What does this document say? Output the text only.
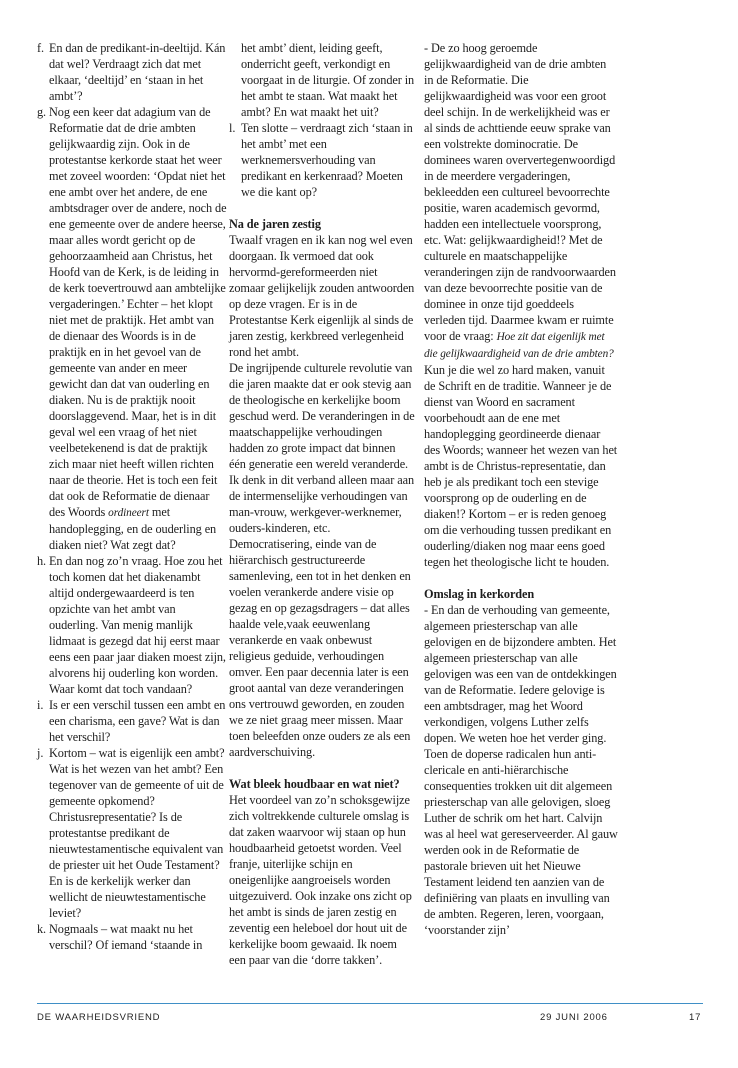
f. En dan de predikant-in-deeltijd. Kán dat wel? Verdraagt zich dat met elkaar, ‘deeltijd’ en ‘staan in het ambt’?
g. Nog een keer dat adagium van de Reformatie dat de drie ambten gelijkwaardig zijn. Ook in de protestantse kerkorde staat het weer met zoveel woorden: ‘Opdat niet het ene ambt over het andere, de ene ambtsdrager over de andere, noch de ene gemeente over de andere heerse, maar alles wordt gericht op de gehoorzaamheid aan Christus, het Hoofd van de Kerk, is de leiding in de kerk toevertrouwd aan ambtelijke vergaderingen.’ Echter – het klopt niet met de praktijk. Het ambt van de dienaar des Woords is in de praktijk en in het gevoel van de gemeente van ander en meer gewicht dan dat van ouderling en diaken. Nu is de praktijk nooit doorslaggevend. Maar, het is in dit geval wel een vraag of het niet veelbetekenend is dat de praktijk zich maar niet heeft willen richten naar de theorie. Het is toch een feit dat ook de Reformatie de dienaar des Woords ordineert met handoplegging, en de ouderling en diaken niet? Wat zegt dat?
h. En dan nog zo’n vraag. Hoe zou het toch komen dat het diakenambt altijd ondergewaardeerd is ten opzichte van het ambt van ouderling. Van menig manlijk lidmaat is gezegd dat hij eerst maar eens een paar jaar diaken moest zijn, alvorens hij ouderling kon worden. Waar komt dat toch vandaan?
i. Is er een verschil tussen een ambt en een charisma, een gave? Wat is dan het verschil?
j. Kortom – wat is eigenlijk een ambt? Wat is het wezen van het ambt? Een tegenover van de gemeente of uit de gemeente opkomend? Christusrepresentatie? Is de protestantse predikant de nieuwtestamentische equivalent van de priester uit het Oude Testament? En is de kerkelijk werker dan wellicht de nieuwtestamentische leviet?
k. Nogmaals – wat maakt nu het verschil? Of iemand ‘staande in
het ambt’ dient, leiding geeft, onderricht geeft, verkondigt en voorgaat in de liturgie. Of zonder in het ambt te staan. Wat maakt het ambt? En wat maakt het uit?
l. Ten slotte – verdraagt zich ‘staan in het ambt’ met een werknemersverhouding van predikant en kerkenraad? Moeten we die kant op?

Na de jaren zestig

Twaalf vragen en ik kan nog wel even doorgaan. Ik vermoed dat ook hervormd-gereformeerden niet zomaar gelijkelijk zouden antwoorden op deze vragen. Er is in de Protestantse Kerk eigenlijk al sinds de jaren zestig, kerkbreed verlegenheid rond het ambt.

De ingrijpende culturele revolutie van die jaren maakte dat er ook stevig aan de theologische en kerkelijke boom geschud werd. De veranderingen in de maatschappelijke verhoudingen hadden zo grote impact dat binnen één generatie een wereld veranderde. Ik denk in dit verband alleen maar aan de intermenselijke verhoudingen van man-vrouw, werkgever-werknemer, ouders-kinderen, etc. Democratisering, einde van de hiërarchisch gestructureerde samenleving, een tot in het denken en voelen verankerde andere visie op gezag en op gezagsdragers – dat alles haalde vele,vaak eeuwenlang verankerde en vaak onbewust religieus geduide, verhoudingen omver. Een paar decennia later is een groot aantal van deze veranderingen ons vertrouwd geworden, en zouden we ze niet graag meer missen. Maar toen beleefden onze ouders ze als een aardverschuiving.

Wat bleek houdbaar en wat niet?

Het voordeel van zo’n schoksgewijze zich voltrekkende culturele omslag is dat zaken waarvoor wij staan op hun houdbaarheid getoetst worden. Veel franje, uiterlijke schijn en oneigenlijke aangroeisels worden uitgezuiverd. Ook inzake ons zicht op het ambt is sinds de jaren zestig en zeventig een heleboel dor hout uit de kerkelijke boom gewaaid. Ik noem een paar van die ‘dorre takken’.

- De zo hoog geroemde gelijkwaardigheid van de drie ambten in de Reformatie. Die gelijkwaardigheid was voor een groot deel schijn. In de werkelijkheid was er al sinds de achttiende eeuw sprake van een volstrekte dominocratie. De dominees waren oververtegenwoordigd in de meerdere vergaderingen, bekleedden een cultureel bevoorrechte positie, waren academisch gevormd, hadden een intellectuele voorsprong, etc. Wat: gelijkwaardigheid!? Met de culturele en maatschappelijke veranderingen zijn de randvoorwaarden van deze bevoorrechte positie van de dominee in onze tijd goeddeels verleden tijd. Daarmee kwam er ruimte voor de vraag: Hoe zit dat eigenlijk met die gelijkwaardigheid van de drie ambten? Kun je die wel zo hard maken, vanuit de Schrift en de traditie. Wanneer je de dienst van Woord en sacrament voorbehoudt aan de ene met handoplegging geordineerde dienaar des Woords; wanneer het wezen van het ambt is de Christus-representatie, dan heb je als predikant toch een stevige voorsprong op de ouderling en de diaken!? Kortom – er is reden genoeg om die verhouding tussen predikant en ouderling/diaken nog maar eens goed tegen het theologische licht te houden.

Omslag in kerkorden

- En dan de verhouding van gemeente, algemeen priesterschap van alle gelovigen en de bijzondere ambten. Het algemeen priesterschap van alle gelovigen was een van de ontdekkingen van de Reformatie. Iedere gelovige is een ambtsdrager, mag het Woord verkondigen, volgens Luther zelfs dopen. We weten hoe het verder ging. Toen de doperse radicalen hun anti-clericale en anti-hiërarchische consequenties trokken uit dit algemeen priesterschap van alle gelovigen, sloeg Luther de schrik om het hart. Calvijn was al heel wat gereserveerder. Al gauw werden ook in de Reformatie de pastorale brieven uit het Nieuwe Testament leidend ten aanzien van de definiëring van plaats en invulling van de ambten. Regeren, leren, voorgaan, ‘voorstander zijn’

DE WAARHEIDSVRIEND	29 JUNI 2006	17
